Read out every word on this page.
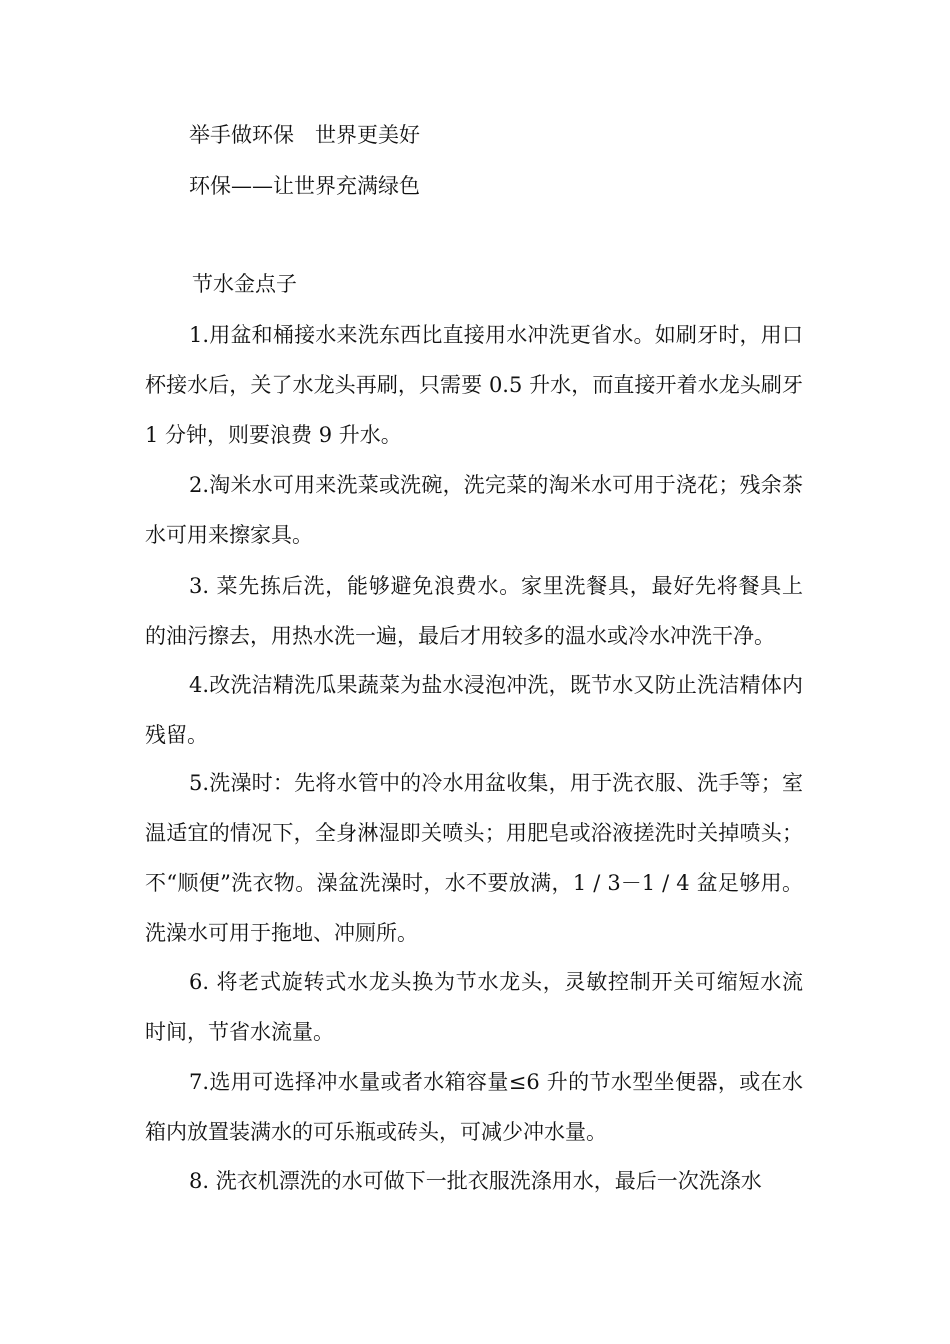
举手做环保　世界更美好

环保——让世界充满绿色

节水金点子

1.用盆和桶接水来洗东西比直接用水冲洗更省水。如刷牙时，用口杯接水后，关了水龙头再刷，只需要 0.5 升水，而直接开着水龙头刷牙 1 分钟，则要浪费 9 升水。

2.淘米水可用来洗菜或洗碗，洗完菜的淘米水可用于浇花；残余茶水可用来擦家具。

3. 菜先拣后洗，能够避免浪费水。家里洗餐具，最好先将餐具上的油污擦去，用热水洗一遍，最后才用较多的温水或冷水冲洗干净。

4.改洗洁精洗瓜果蔬菜为盐水浸泡冲洗，既节水又防止洗洁精体内残留。

5.洗澡时：先将水管中的冷水用盆收集，用于洗衣服、洗手等；室温适宜的情况下，全身淋湿即关喷头；用肥皂或浴液搓洗时关掉喷头；不“顺便”洗衣物。澡盆洗澡时，水不要放满，1 / 3－1 / 4 盆足够用。洗澡水可用于拖地、冲厕所。

6. 将老式旋转式水龙头换为节水龙头，灵敏控制开关可缩短水流时间，节省水流量。

7.选用可选择冲水量或者水箱容量≤6 升的节水型坐便器，或在水箱内放置装满水的可乐瓶或砖头，可减少冲水量。

8. 洗衣机漂洗的水可做下一批衣服洗涤用水，最后一次洗涤水
